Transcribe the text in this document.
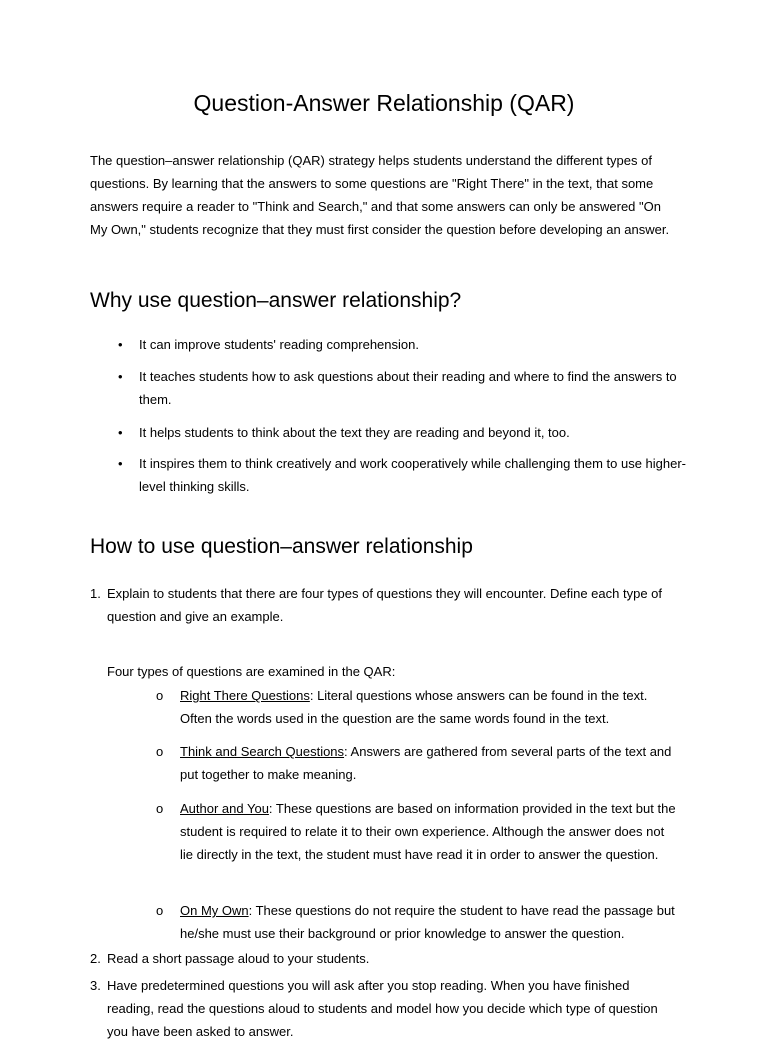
Question-Answer Relationship (QAR)

The question–answer relationship (QAR) strategy helps students understand the different types of questions. By learning that the answers to some questions are "Right There" in the text, that some answers require a reader to "Think and Search," and that some answers can only be answered "On My Own," students recognize that they must first consider the question before developing an answer.

Why use question–answer relationship?
•	It can improve students' reading comprehension.
•	It teaches students how to ask questions about their reading and where to find the answers to them.
•	It helps students to think about the text they are reading and beyond it, too.
•	It inspires them to think creatively and work cooperatively while challenging them to use higher-level thinking skills.
How to use question–answer relationship
1. Explain to students that there are four types of questions they will encounter. Define each type of question and give an example.
Four types of questions are examined in the QAR:
o Right There Questions: Literal questions whose answers can be found in the text. Often the words used in the question are the same words found in the text.
o Think and Search Questions: Answers are gathered from several parts of the text and put together to make meaning.
o Author and You: These questions are based on information provided in the text but the student is required to relate it to their own experience. Although the answer does not lie directly in the text, the student must have read it in order to answer the question.
o On My Own: These questions do not require the student to have read the passage but he/she must use their background or prior knowledge to answer the question.
2. Read a short passage aloud to your students.
3. Have predetermined questions you will ask after you stop reading. When you have finished reading, read the questions aloud to students and model how you decide which type of question you have been asked to answer.
